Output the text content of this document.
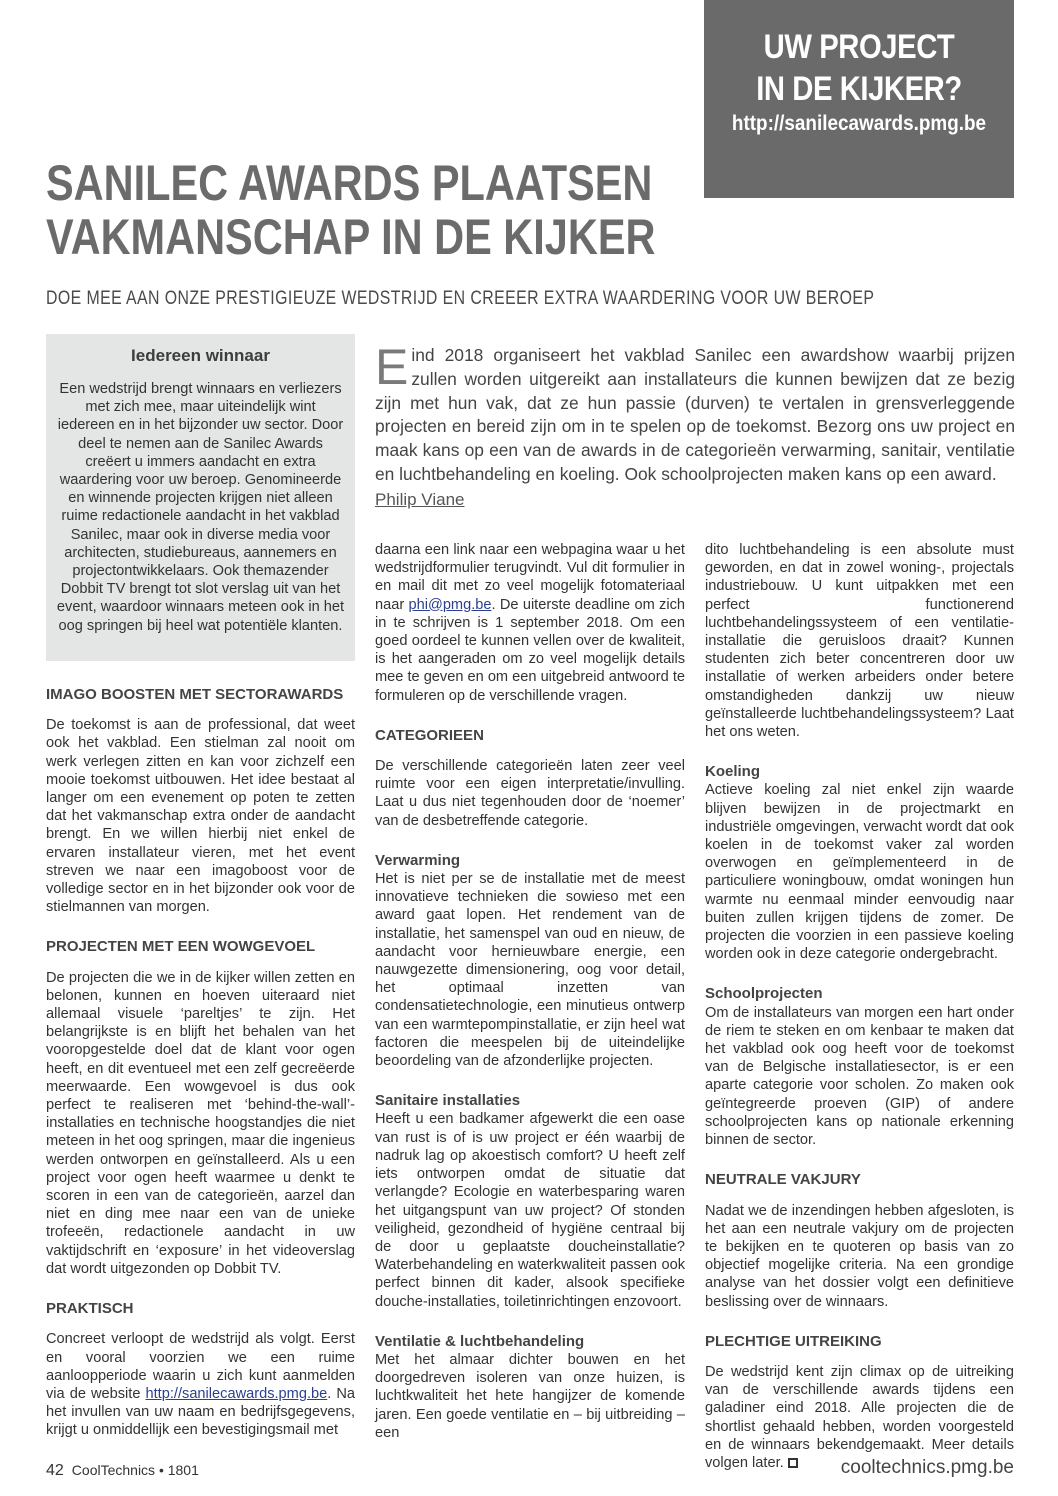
UW PROJECT
IN DE KIJKER?
http://sanilecawards.pmg.be
SANILEC AWARDS PLAATSEN
VAKMANSCHAP IN DE KIJKER
DOE MEE AAN ONZE PRESTIGIEUZE WEDSTRIJD EN CREEER EXTRA WAARDERING VOOR UW BEROEP
Iedereen winnaar

Een wedstrijd brengt winnaars en verliezers met zich mee, maar uiteindelijk wint iedereen en in het bijzonder uw sector. Door deel te nemen aan de Sanilec Awards creëert u immers aandacht en extra waardering voor uw beroep. Genomineerde en winnende projecten krijgen niet alleen ruime redactionele aandacht in het vakblad Sanilec, maar ook in diverse media voor architecten, studiebureaus, aannemers en projectontwikkelaars. Ook themazender Dobbit TV brengt tot slot verslag uit van het event, waardoor winnaars meteen ook in het oog springen bij heel wat potentiële klanten.

E ind 2018 organiseert het vakblad Sanilec een awardshow waarbij prijzen zullen worden uitgereikt aan installateurs die kunnen bewijzen dat ze bezig zijn met hun vak, dat ze hun passie (durven) te vertalen in grensverleggende projecten en bereid zijn om in te spelen op de toekomst. Bezorg ons uw project en maak kans op een van de awards in de categorieën verwarming, sanitair, ventilatie en luchtbehandeling en koeling. Ook schoolprojecten maken kans op een award.
Philip Viane
IMAGO BOOSTEN MET SECTORAWARDS
De toekomst is aan de professional, dat weet ook het vakblad. Een stielman zal nooit om werk verlegen zitten en kan voor zichzelf een mooie toekomst uitbouwen. Het idee bestaat al langer om een evenement op poten te zetten dat het vakmanschap extra onder de aandacht brengt. En we willen hierbij niet enkel de ervaren installateur vieren, met het event streven we naar een imagoboost voor de volledige sector en in het bijzonder ook voor de stielmannen van morgen.
PROJECTEN MET EEN WOWGEVOEL
De projecten die we in de kijker willen zetten en belonen, kunnen en hoeven uiteraard niet allemaal visuele ‘pareltjes’ te zijn. Het belangrijkste is en blijft het behalen van het vooropgestelde doel dat de klant voor ogen heeft, en dit eventueel met een zelf gecreëerde meerwaarde. Een wowgevoel is dus ook perfect te realiseren met ‘behind-the-wall’-installaties en technische hoogstandjes die niet meteen in het oog springen, maar die ingenieus werden ontworpen en geïnstalleerd. Als u een project voor ogen heeft waarmee u denkt te scoren in een van de categorieën, aarzel dan niet en ding mee naar een van de unieke trofeeën, redactionele aandacht in uw vaktijdschrift en ‘exposure’ in het videoverslag dat wordt uitgezonden op Dobbit TV.
PRAKTISCH
Concreet verloopt de wedstrijd als volgt. Eerst en vooral voorzien we een ruime aanloopperiode waarin u zich kunt aanmelden via de website http://sanilecawards.pmg.be. Na het invullen van uw naam en bedrijfsgegevens, krijgt u onmiddellijk een bevestigingsmail met
daarna een link naar een webpagina waar u het wedstrijdformulier terugvindt. Vul dit formulier in en mail dit met zo veel mogelijk fotomateriaal naar phi@pmg.be. De uiterste deadline om zich in te schrijven is 1 september 2018. Om een goed oordeel te kunnen vellen over de kwaliteit, is het aangeraden om zo veel mogelijk details mee te geven en om een uitgebreid antwoord te formuleren op de verschillende vragen.
CATEGORIEEN
De verschillende categorieën laten zeer veel ruimte voor een eigen interpretatie/invulling. Laat u dus niet tegenhouden door de ‘noemer’ van de desbetreffende categorie.
Verwarming
Het is niet per se de installatie met de meest innovatieve technieken die sowieso met een award gaat lopen. Het rendement van de installatie, het samenspel van oud en nieuw, de aandacht voor hernieuwbare energie, een nauwgezette dimensionering, oog voor detail, het optimaal inzetten van condensatietechnologie, een minutieus ontwerp van een warmtepompinstallatie, er zijn heel wat factoren die meespelen bij de uiteindelijke beoordeling van de afzonderlijke projecten.
Sanitaire installaties
Heeft u een badkamer afgewerkt die een oase van rust is of is uw project er één waarbij de nadruk lag op akoestisch comfort? U heeft zelf iets ontworpen omdat de situatie dat verlangde? Ecologie en waterbesparing waren het uitgangspunt van uw project? Of stonden veiligheid, gezondheid of hygiëne centraal bij de door u geplaatste doucheinstallatie? Waterbehandeling en waterkwaliteit passen ook perfect binnen dit kader, alsook specifieke douche-installaties, toiletinrichtingen enzovoort.
Ventilatie & luchtbehandeling
Met het almaar dichter bouwen en het doorgedreven isoleren van onze huizen, is luchtkwaliteit het hete hangijzer de komende jaren. Een goede ventilatie en – bij uitbreiding – een
dito luchtbehandeling is een absolute must geworden, en dat in zowel woning-, projectals industriebouw. U kunt uitpakken met een perfect functionerend luchtbehandelingssysteem of een ventilatie-installatie die geruisloos draait? Kunnen studenten zich beter concentreren door uw installatie of werken arbeiders onder betere omstandigheden dankzij uw nieuw geïnstalleerde luchtbehandelingssysteem? Laat het ons weten.
Koeling
Actieve koeling zal niet enkel zijn waarde blijven bewijzen in de projectmarkt en industriële omgevingen, verwacht wordt dat ook koelen in de toekomst vaker zal worden overwogen en geïmplementeerd in de particuliere woningbouw, omdat woningen hun warmte nu eenmaal minder eenvoudig naar buiten zullen krijgen tijdens de zomer. De projecten die voorzien in een passieve koeling worden ook in deze categorie ondergebracht.
Schoolprojecten
Om de installateurs van morgen een hart onder de riem te steken en om kenbaar te maken dat het vakblad ook oog heeft voor de toekomst van de Belgische installatiesector, is er een aparte categorie voor scholen. Zo maken ook geïntegreerde proeven (GIP) of andere schoolprojecten kans op nationale erkenning binnen de sector.
NEUTRALE VAKJURY
Nadat we de inzendingen hebben afgesloten, is het aan een neutrale vakjury om de projecten te bekijken en te quoteren op basis van zo objectief mogelijke criteria. Na een grondige analyse van het dossier volgt een definitieve beslissing over de winnaars.
PLECHTIGE UITREIKING
De wedstrijd kent zijn climax op de uitreiking van de verschillende awards tijdens een galadiner eind 2018. Alle projecten die de shortlist gehaald hebben, worden voorgesteld en de winnaars bekendgemaakt. Meer details volgen later.
42 CoolTechnics • 1801	cooltechnics.pmg.be
